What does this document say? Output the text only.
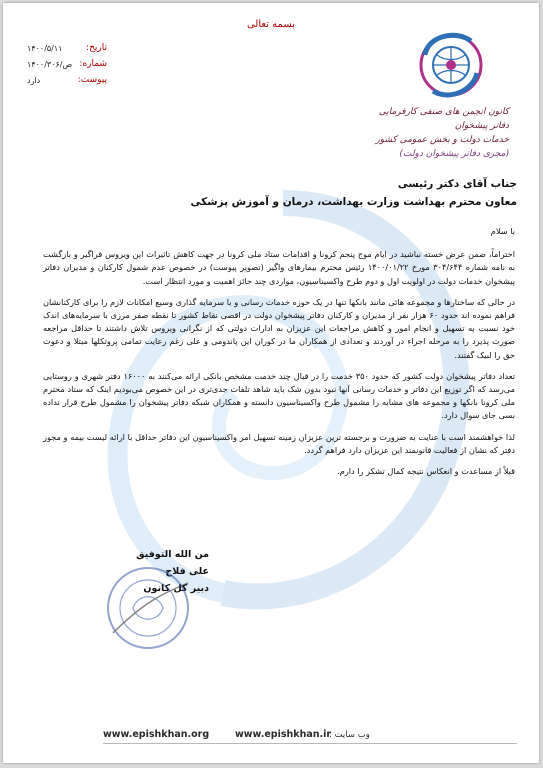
بسمه تعالی
تاریخ:
۱۴۰۰/۵/۱۱
شماره:
۱۴۰۰/۳۰۶/ص
پیوست:
دارد
کانون انجمن های صنفی کارفرمایی دفاتر پیشخوان
خدمات دولت و بخش عمومی کشور
(مجری دفاتر پیشخوان دولت)
جناب آقای دکتر رئیسی
معاون محترم بهداشت وزارت بهداشت، درمان و آموزش پزشکی

با سلام

احتراماً، ضمن عرض خسته نباشید در ایام موج پنجم کرونا و اقدامات ستاد ملی کرونا در جهت کاهش تاثیرات این ویروس فراگیر و بازگشت به نامه شماره ۳۰۴/۶۴۴ مورخ ۱۴۰۰/۰۱/۲۲ رئیس محترم بیمارهای واگیر (تصویر پیوست) در خصوص عدم شمول کارکنان و مدیران دفاتر پیشخوان خدمات دولت در اولویت اول و دوم طرح واکسیناسیون، مواردی چند حائز اهمیت و مورد انتظار است.

در حالی که ساختارها و مجموعه هائی مانند بانکها تنها در یک حوزه خدمات رسانی و با سرمایه گذاری وسیع امکانات لازم را برای کارکنانشان فراهم نموده اند حدود ۶۰ هزار نفر از مدیران و کارکنان دفاتر پیشخوان دولت در اقصی نقاط کشور تا نقطه صفر مرزی با سرمایه‌های اندک خود نسبت به تسهیل و انجام امور و کاهش مراجعات این عزیزان به ادارات دولتی که از نگرانی ویروس تلاش داشتند تا حداقل مراجعه صورت پذیرد را به مرحله اجراء در آوردند و تعدادی از همکاران ما در کوران این پاندومی و علی رغم رعایت تمامی پروتکلها مبتلا و دعوت حق را لبیک گفتند.

تعداد دفاتر پیشخوان دولت کشور که حدود ۳۵۰ خدمت را در قبال چند خدمت مشخص بانکی ارائه می‌کنند به ۱۶۰۰۰ دفتر شهری و روستایی می‌رسد که اگر توزیع این دفاتر و خدمات رسانی آنها نبود بدون شک باید شاهد تلفات جدی‌تری در این خصوص می‌بودیم اینک که ستاد محترم ملی کرونا بانکها و مجموعه های مشابه را مشمول طرح واکسیناسیون دانسته و همکاران شبکه دفاتر پیشخوان را مشمول طرح قرار نداده بسی جای سوال دارد.

لذا خواهشمند است با عنایت به ضرورت و برجسته ترین عزیزان زمینه تسهیل امر واکسیناسیون این دفاتر حداقل با ارائه لیست بیمه و مجوز دفتر که نشان از فعالیت قانونمند این عزیزان دارد فراهم گردد.

قبلاً از مساعدت و انعکاس نتیجه کمال تشکر را دارم.

من الله التوفیق
علی فلاح
دبیر کل کانون
www.epishkhan.org	www.epishkhan.ir
وب سایت :
